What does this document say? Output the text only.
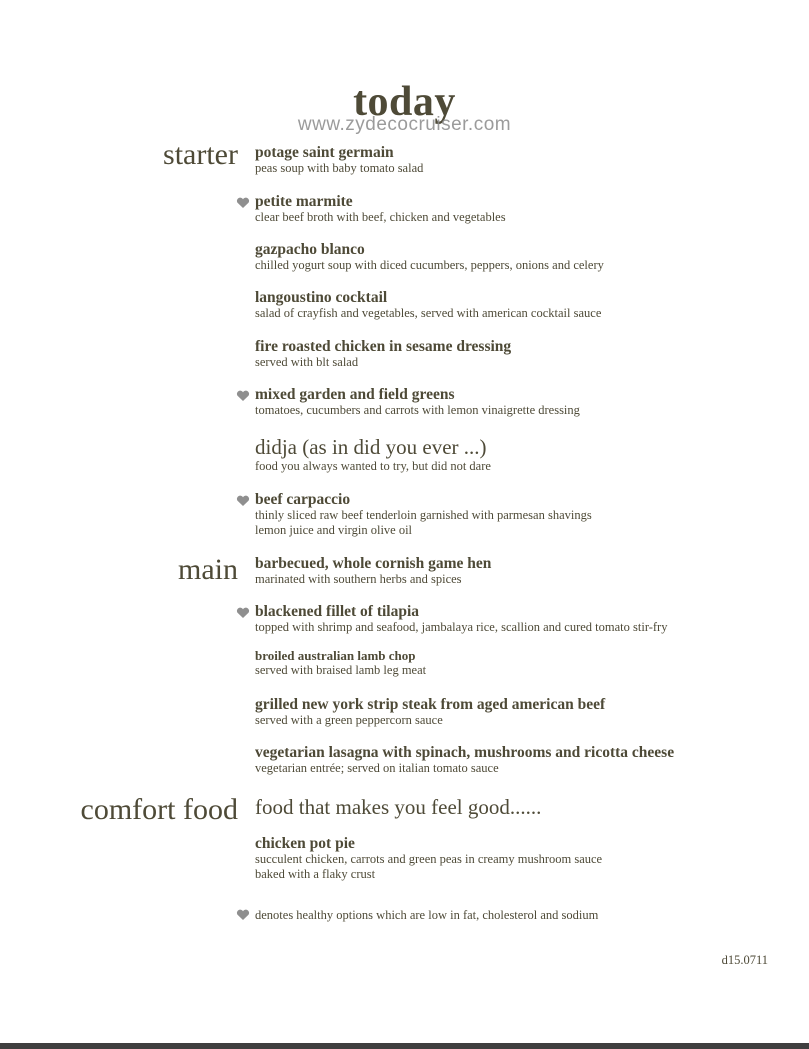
today
www.zydecocruiser.com
starter
main
comfort food
potage saint germain
peas soup with baby tomato salad
petite marmite
clear beef broth with beef, chicken and vegetables
gazpacho blanco
chilled yogurt soup with diced cucumbers, peppers, onions and celery
langoustino cocktail
salad of crayfish and vegetables, served with american cocktail sauce
fire roasted chicken in sesame dressing
served with blt salad
mixed garden and field greens
tomatoes, cucumbers and carrots with lemon vinaigrette dressing
didja (as in did you ever ...)
food you always wanted to try, but did not dare
beef carpaccio
thinly sliced raw beef tenderloin garnished with parmesan shavings
lemon juice and virgin olive oil
barbecued, whole cornish game hen
marinated with southern herbs and spices
blackened fillet of tilapia
topped with shrimp and seafood, jambalaya rice, scallion and cured tomato stir-fry
broiled australian lamb chop
served with braised lamb leg meat
grilled new york strip steak from aged american beef
served with a green peppercorn sauce
vegetarian lasagna with spinach, mushrooms and ricotta cheese
vegetarian entrée; served on italian tomato sauce
food that makes you feel good......
chicken pot pie
succulent chicken, carrots and green peas in creamy mushroom sauce
baked with a flaky crust
denotes healthy options which are low in fat, cholesterol and sodium
d15.0711
